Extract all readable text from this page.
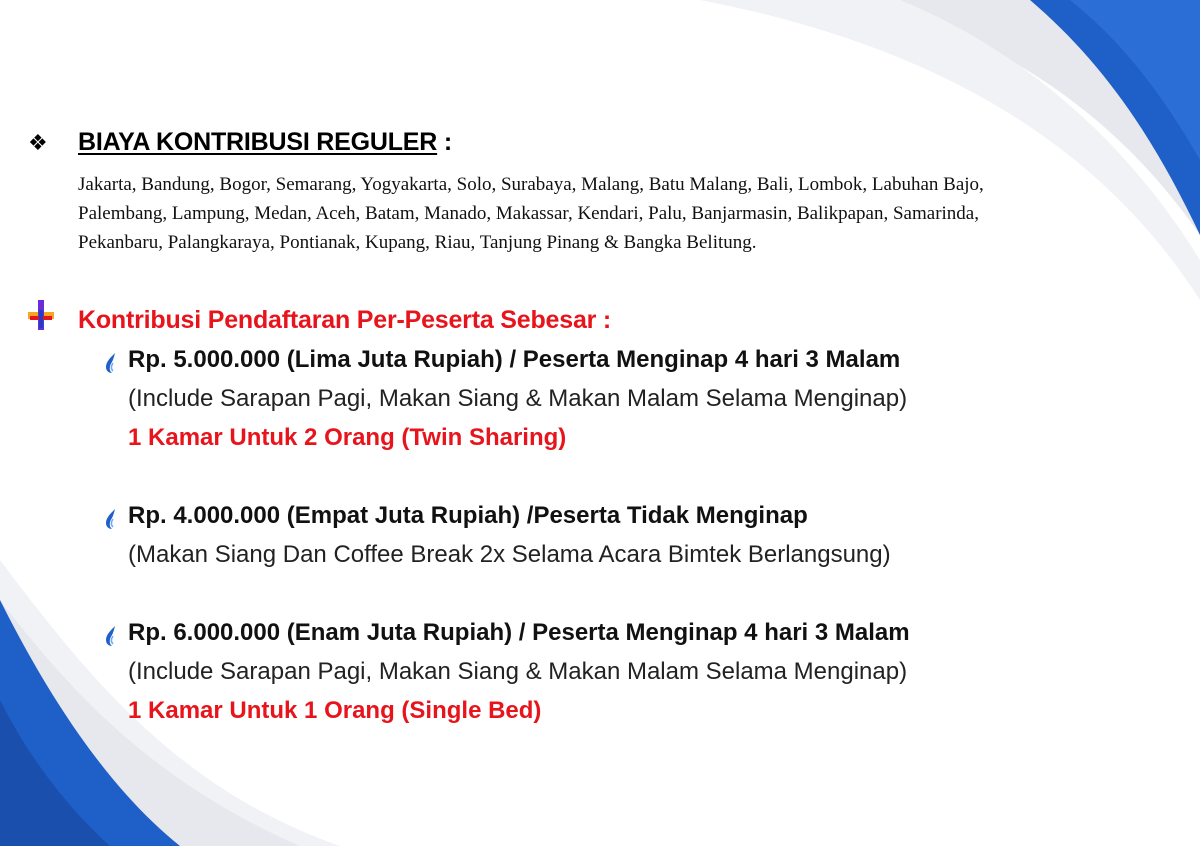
❖ BIAYA KONTRIBUSI REGULER :
Jakarta, Bandung, Bogor, Semarang, Yogyakarta, Solo, Surabaya, Malang, Batu Malang, Bali, Lombok, Labuhan Bajo,
Palembang, Lampung, Medan, Aceh, Batam, Manado, Makassar, Kendari, Palu, Banjarmasin, Balikpapan, Samarinda,
Pekanbaru, Palangkaraya, Pontianak, Kupang, Riau, Tanjung Pinang & Bangka Belitung.
Kontribusi Pendaftaran Per-Peserta Sebesar :
Rp. 5.000.000 (Lima Juta Rupiah) / Peserta Menginap 4 hari 3 Malam
(Include Sarapan Pagi, Makan Siang & Makan Malam Selama Menginap)
1 Kamar Untuk 2 Orang (Twin Sharing)
Rp. 4.000.000 (Empat Juta Rupiah) /Peserta Tidak Menginap
(Makan Siang Dan Coffee Break 2x Selama Acara Bimtek Berlangsung)
Rp. 6.000.000 (Enam Juta Rupiah) / Peserta Menginap 4 hari 3 Malam
(Include Sarapan Pagi, Makan Siang & Makan Malam Selama Menginap)
1 Kamar Untuk 1 Orang (Single Bed)
